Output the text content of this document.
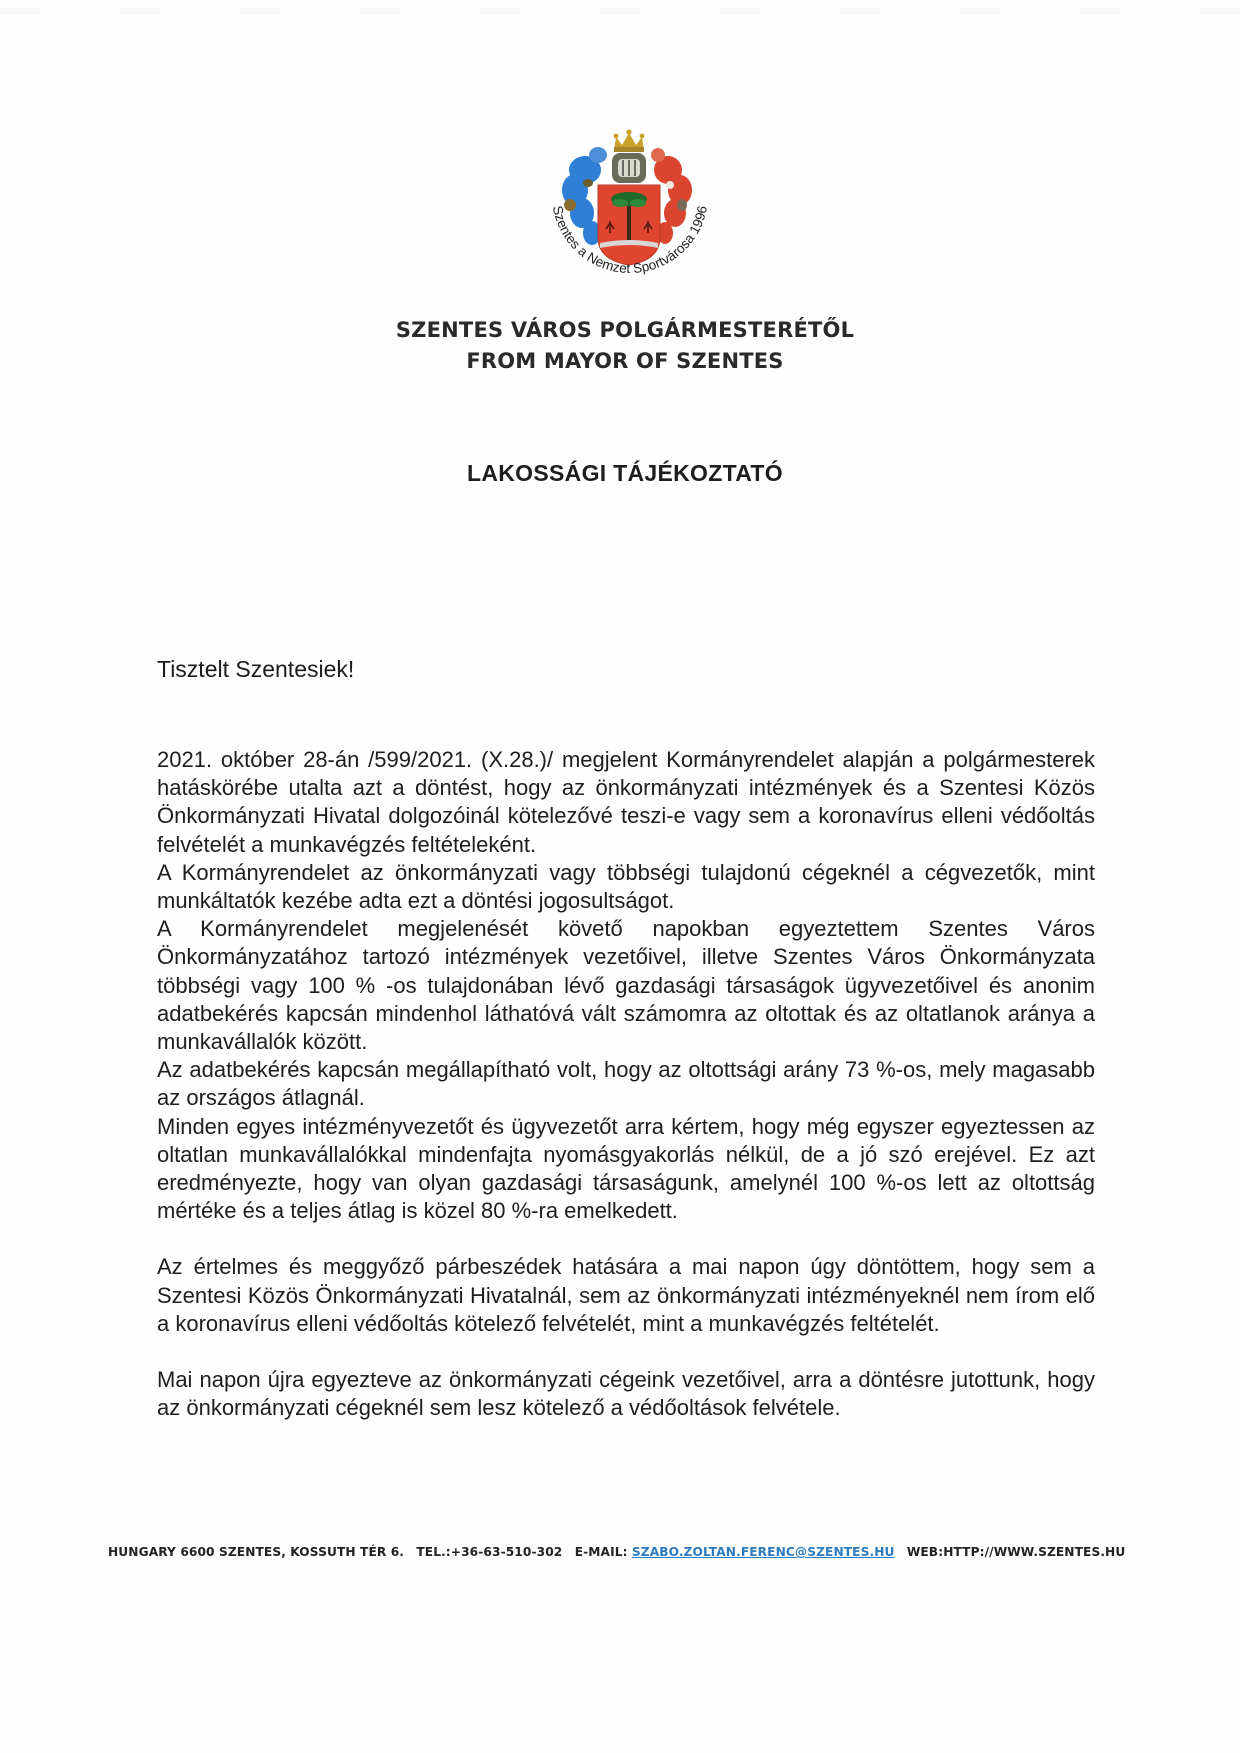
Szentes a Nemzet Sportvárosa 1996
SZENTES VÁROS POLGÁRMESTERÉTŐL
FROM MAYOR OF SZENTES
LAKOSSÁGI TÁJÉKOZTATÓ
Tisztelt Szentesiek!

2021. október 28-án /599/2021. (X.28.)/ megjelent Kormányrendelet alapján a polgármesterek hatáskörébe utalta azt a döntést, hogy az önkormányzati intézmények és a Szentesi Közös Önkormányzati Hivatal dolgozóinál kötelezővé teszi-e vagy sem a koronavírus elleni védőoltás felvételét a munkavégzés feltételeként.

A Kormányrendelet az önkormányzati vagy többségi tulajdonú cégeknél a cégvezetők, mint munkáltatók kezébe adta ezt a döntési jogosultságot.

A Kormányrendelet megjelenését követő napokban egyeztettem Szentes Város Önkormányzatához tartozó intézmények vezetőivel, illetve Szentes Város Önkormányzata többségi vagy 100 % -os tulajdonában lévő gazdasági társaságok ügyvezetőivel és anonim adatbekérés kapcsán mindenhol láthatóvá vált számomra az oltottak és az oltatlanok aránya a munkavállalók között.

Az adatbekérés kapcsán megállapítható volt, hogy az oltottsági arány 73 %-os, mely magasabb az országos átlagnál.

Minden egyes intézményvezetőt és ügyvezetőt arra kértem, hogy még egyszer egyeztessen az oltatlan munkavállalókkal mindenfajta nyomásgyakorlás nélkül, de a jó szó erejével. Ez azt eredményezte, hogy van olyan gazdasági társaságunk, amelynél 100 %-os lett az oltottság mértéke és a teljes átlag is közel 80 %-ra emelkedett.

Az értelmes és meggyőző párbeszédek hatására a mai napon úgy döntöttem, hogy sem a Szentesi Közös Önkormányzati Hivatalnál, sem az önkormányzati intézményeknél nem írom elő a koronavírus elleni védőoltás kötelező felvételét, mint a munkavégzés feltételét.

Mai napon újra egyezteve az önkormányzati cégeink vezetőivel, arra a döntésre jutottunk, hogy az önkormányzati cégeknél sem lesz kötelező a védőoltások felvétele.

HUNGARY 6600 SZENTES, KOSSUTH TÉR 6. TEL.:+36-63-510-302 E-MAIL: SZABO.ZOLTAN.FERENC@SZENTES.HU WEB:HTTP://WWW.SZENTES.HU
